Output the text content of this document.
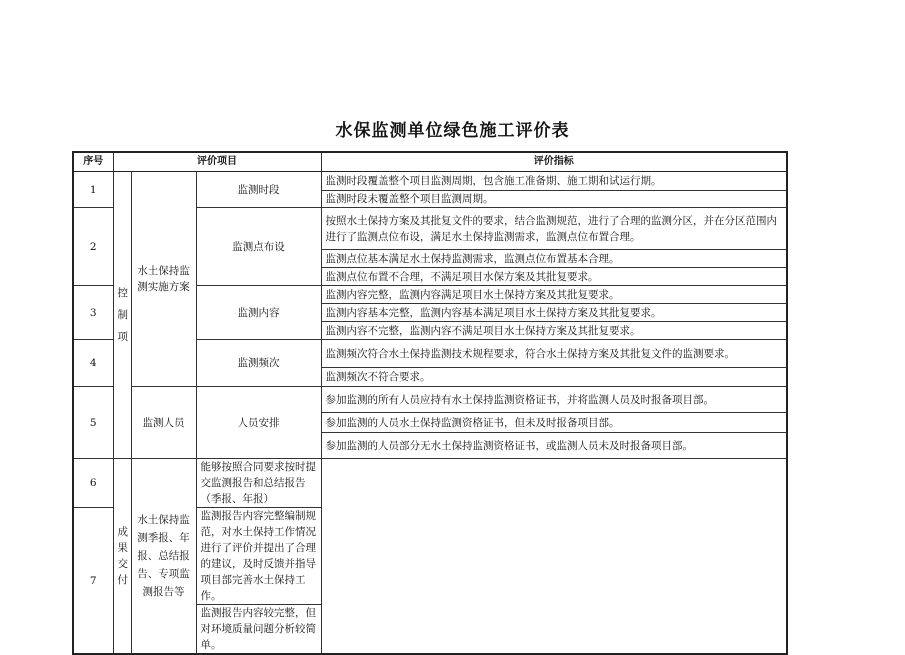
水保监测单位绿色施工评价表
序号	评价项目			评价指标
1	控制项	水土保持监测实施方案	监测时段	监测时段覆盖整个项目监测周期，包含施工准备期、施工期和试运行期。
				监测时段未覆盖整个项目监测周期。
2			监测点布设	按照水土保持方案及其批复文件的要求，结合监测规范，进行了合理的监测分区，并在分区范围内进行了监测点位布设，满足水土保持监测需求，监测点位布置合理。
				监测点位基本满足水土保持监测需求，监测点位布置基本合理。
				监测点位布置不合理，不满足项目水保方案及其批复要求。
3			监测内容	监测内容完整，监测内容满足项目水土保持方案及其批复要求。
				监测内容基本完整，监测内容基本满足项目水土保持方案及其批复要求。
				监测内容不完整，监测内容不满足项目水土保持方案及其批复要求。
4			监测频次	监测频次符合水土保持监测技术规程要求，符合水土保持方案及其批复文件的监测要求。
				监测频次不符合要求。
5		监测人员	人员安排	参加监测的所有人员应持有水土保持监测资格证书，并将监测人员及时报备项目部。
				参加监测的人员水土保持监测资格证书，但未及时报备项目部。
				参加监测的人员部分无水土保持监测资格证书，或监测人员未及时报备项目部。
6	成果交付	水土保持监测季报、年报、总结报告、专项监测报告等	能够按照合同要求按时提交监测报告和总结报告（季报、年报）	
7			监测报告内容完整编制规范，对水土保持工作情况进行了评价并提出了合理的建议，及时反馈并指导项目部完善水土保持工作。	
			监测报告内容较完整，但对环境质量问题分析较简单。	
